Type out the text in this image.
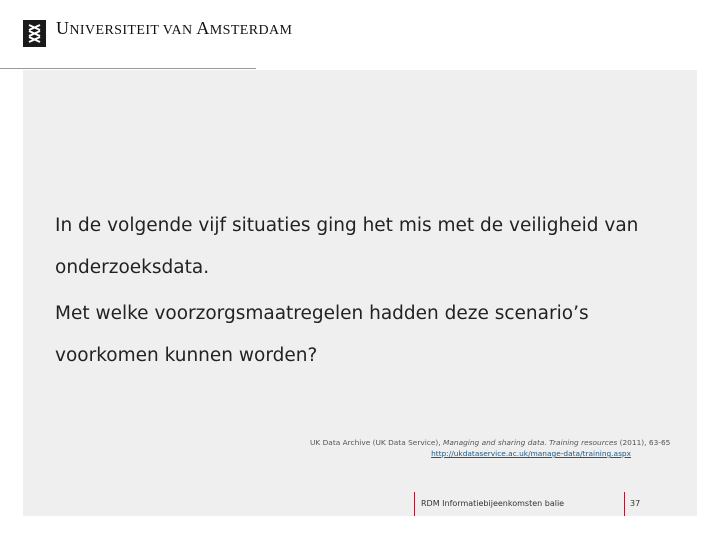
UNIVERSITEIT VAN AMSTERDAM

In de volgende vijf situaties ging het mis met de veiligheid van onderzoeksdata.

Met welke voorzorgsmaatregelen hadden deze scenario’s voorkomen kunnen worden?

UK Data Archive (UK Data Service), Managing and sharing data. Training resources (2011), 63-65
http://ukdataservice.ac.uk/manage-data/training.aspx
RDM Informatiebijeenkomsten balie	37
